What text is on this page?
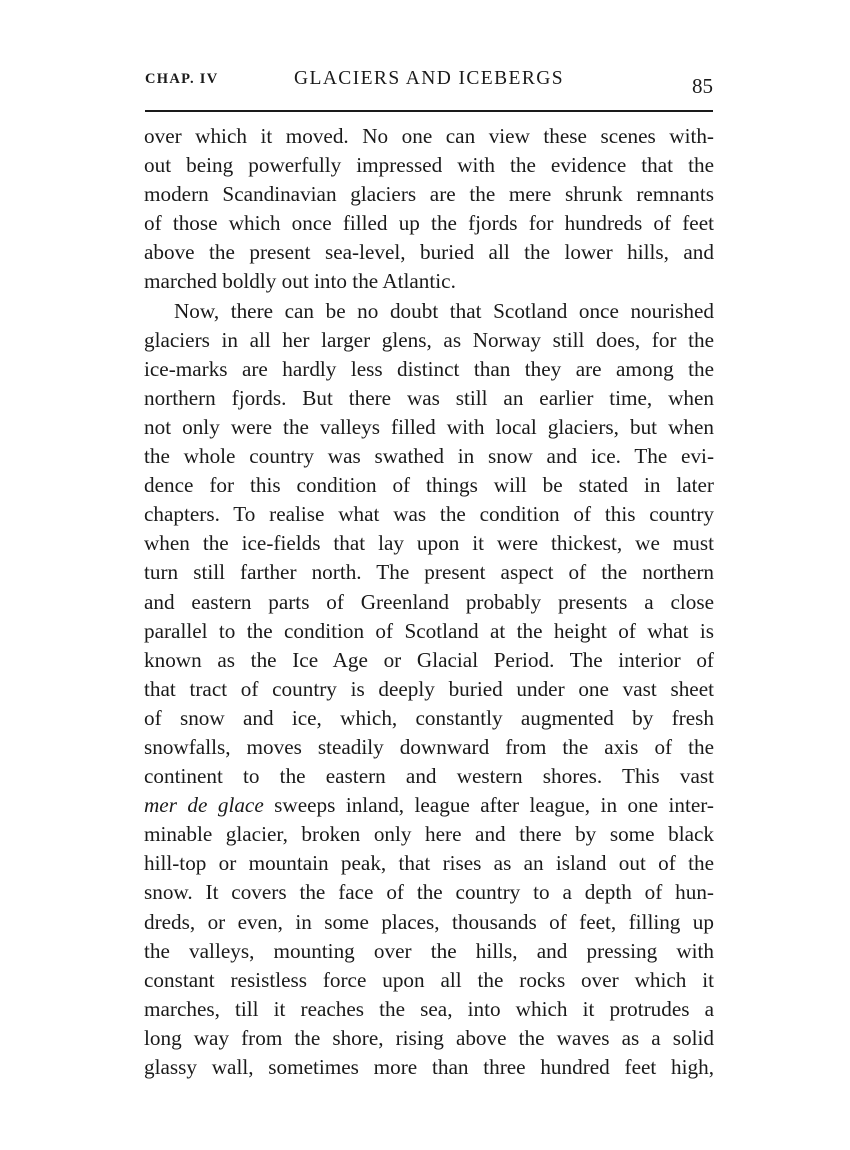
CHAP. IV	GLACIERS AND ICEBERGS	85
over which it moved. No one can view these scenes with-
out being powerfully impressed with the evidence that the
modern Scandinavian glaciers are the mere shrunk remnants
of those which once filled up the fjords for hundreds of feet
above the present sea-level, buried all the lower hills, and
marched boldly out into the Atlantic.
Now, there can be no doubt that Scotland once nourished
glaciers in all her larger glens, as Norway still does, for the
ice-marks are hardly less distinct than they are among the
northern fjords. But there was still an earlier time, when
not only were the valleys filled with local glaciers, but when
the whole country was swathed in snow and ice. The evi-
dence for this condition of things will be stated in later
chapters. To realise what was the condition of this country
when the ice-fields that lay upon it were thickest, we must
turn still farther north. The present aspect of the northern
and eastern parts of Greenland probably presents a close
parallel to the condition of Scotland at the height of what is
known as the Ice Age or Glacial Period. The interior of
that tract of country is deeply buried under one vast sheet
of snow and ice, which, constantly augmented by fresh
snowfalls, moves steadily downward from the axis of the
continent to the eastern and western shores. This vast
mer de glace sweeps inland, league after league, in one inter-
minable glacier, broken only here and there by some black
hill-top or mountain peak, that rises as an island out of the
snow. It covers the face of the country to a depth of hun-
dreds, or even, in some places, thousands of feet, filling up
the valleys, mounting over the hills, and pressing with
constant resistless force upon all the rocks over which it
marches, till it reaches the sea, into which it protrudes a
long way from the shore, rising above the waves as a solid
glassy wall, sometimes more than three hundred feet high,
